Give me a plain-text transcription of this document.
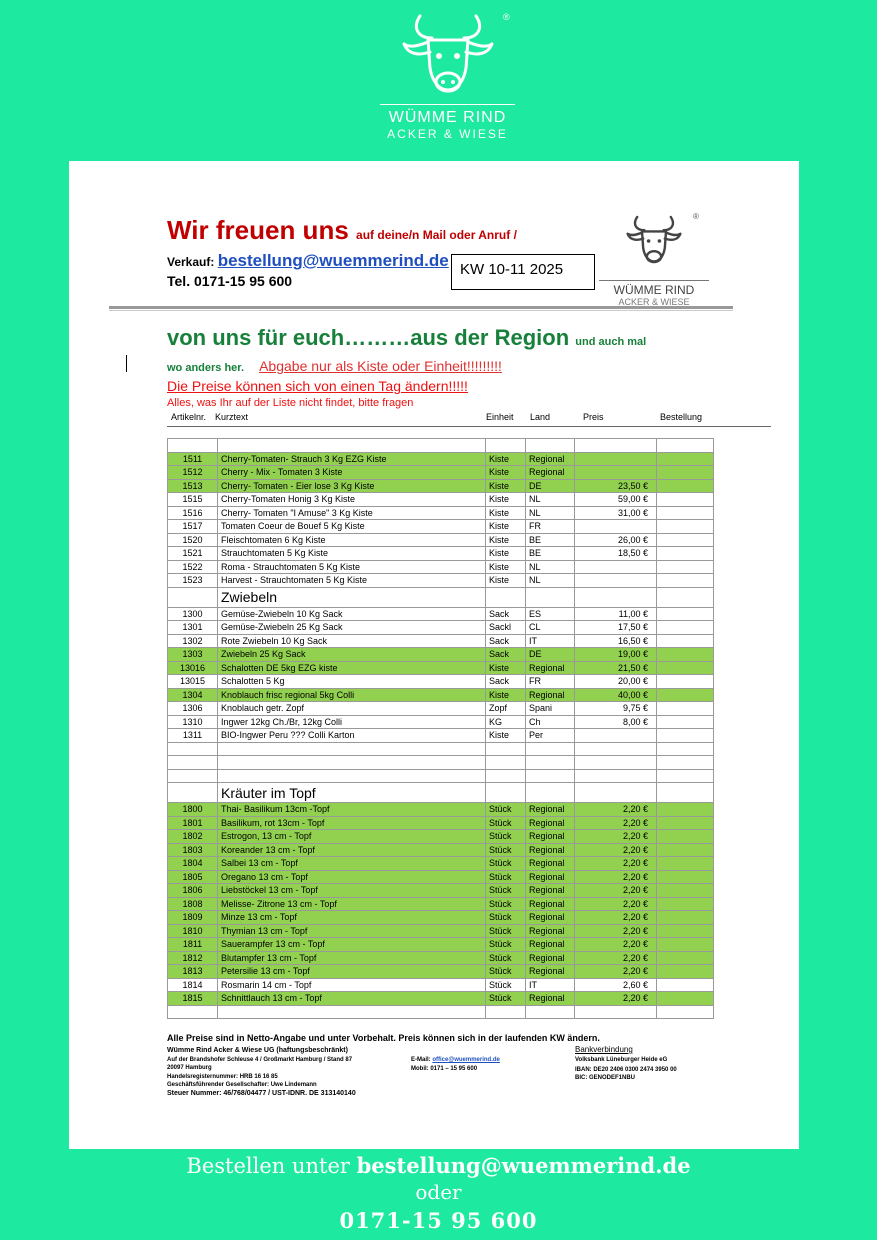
WÜMME RIND
ACKER & WIESE
®
Wir freuen uns auf deine/n Mail oder Anruf /
Verkauf: bestellung@wuemmerind.de
Tel. 0171-15 95 600
KW 10-11 2025
WÜMME RIND
ACKER & WIESE
®
von uns für euch………aus der Region und auch mal
wo anders her. Abgabe nur als Kiste oder Einheit!!!!!!!!!
Die Preise können sich von einen Tag ändern!!!!!
Alles, was Ihr auf der Liste nicht findet, bitte fragen
Artikelnr. Kurztext	Einheit Land	Preis	Bestellung

1511	Cherry-Tomaten- Strauch 3 Kg EZG Kiste	Kiste	Regional		
1512	Cherry - Mix - Tomaten 3 Kiste	Kiste	Regional		
1513	Cherry- Tomaten - Eier lose 3 Kg Kiste	Kiste	DE	23,50 €	
1515	Cherry-Tomaten Honig 3 Kg Kiste	Kiste	NL	59,00 €	
1516	Cherry- Tomaten "I Amuse" 3 Kg Kiste	Kiste	NL	31,00 €	
1517	Tomaten Coeur de Bouef 5 Kg Kiste	Kiste	FR		
1520	Fleischtomaten 6 Kg Kiste	Kiste	BE	26,00 €	
1521	Strauchtomaten 5 Kg Kiste	Kiste	BE	18,50 €	
1522	Roma - Strauchtomaten 5 Kg Kiste	Kiste	NL		
1523	Harvest - Strauchtomaten 5 Kg Kiste	Kiste	NL		
	Zwiebeln				
1300	Gemüse-Zwiebeln 10 Kg Sack	Sack	ES	11,00 €	
1301	Gemüse-Zwiebeln 25 Kg Sack	Sackl	CL	17,50 €	
1302	Rote Zwiebeln 10 Kg Sack	Sack	IT	16,50 €	
1303	Zwiebeln 25 Kg Sack	Sack	DE	19,00 €	
13016	Schalotten DE 5kg EZG kiste	Kiste	Regional	21,50 €	
13015	Schalotten 5 Kg	Sack	FR	20,00 €	
1304	Knoblauch frisc regional 5kg Colli	Kiste	Regional	40,00 €	
1306	Knoblauch getr. Zopf	Zopf	Spani	9,75 €	
1310	Ingwer 12kg Ch./Br, 12kg Colli	KG	Ch	8,00 €	
1311	BIO-Ingwer Peru ??? Colli Karton	Kiste	Per		

	Kräuter im Topf				
1800	Thai- Basilikum 13cm -Topf	Stück	Regional	2,20 €	
1801	Basilikum, rot 13cm - Topf	Stück	Regional	2,20 €	
1802	Estrogon, 13 cm - Topf	Stück	Regional	2,20 €	
1803	Koreander 13 cm - Topf	Stück	Regional	2,20 €	
1804	Salbei 13 cm - Topf	Stück	Regional	2,20 €	
1805	Oregano 13 cm - Topf	Stück	Regional	2,20 €	
1806	Liebstöckel 13 cm - Topf	Stück	Regional	2,20 €	
1808	Melisse- Zitrone 13 cm - Topf	Stück	Regional	2,20 €	
1809	Minze 13 cm - Topf	Stück	Regional	2,20 €	
1810	Thymian 13 cm - Topf	Stück	Regional	2,20 €	
1811	Sauerampfer 13 cm - Topf	Stück	Regional	2,20 €	
1812	Blutampfer 13 cm - Topf	Stück	Regional	2,20 €	
1813	Petersilie 13 cm - Topf	Stück	Regional	2,20 €	
1814	Rosmarin 14 cm - Topf	Stück	IT	2,60 €	
1815	Schnittlauch 13 cm - Topf	Stück	Regional	2,20 €	

Alle Preise sind in Netto-Angabe und unter Vorbehalt. Preis können sich in der laufenden KW ändern.
Wümme Rind Acker & Wiese UG (haftungsbeschränkt)
Auf der Brandshofer Schleuse 4 / Großmarkt Hamburg / Stand 87
20097 Hamburg
Handelsregisternummer: HRB 16 16 85
Geschäftsführender Gesellschafter: Uwe Lindemann
Steuer Nummer: 46/768/04477 / UST-IDNR. DE 313140140
E-Mail: office@wuemmerind.de
Mobil: 0171 – 15 95 600
Bankverbindung
Volksbank Lüneburger Heide eG
IBAN: DE20 2406 0300 2474 3950 00
BIC: GENODEF1NBU
Bestellen unter bestellung@wuemmerind.de
oder
0171-15 95 600
